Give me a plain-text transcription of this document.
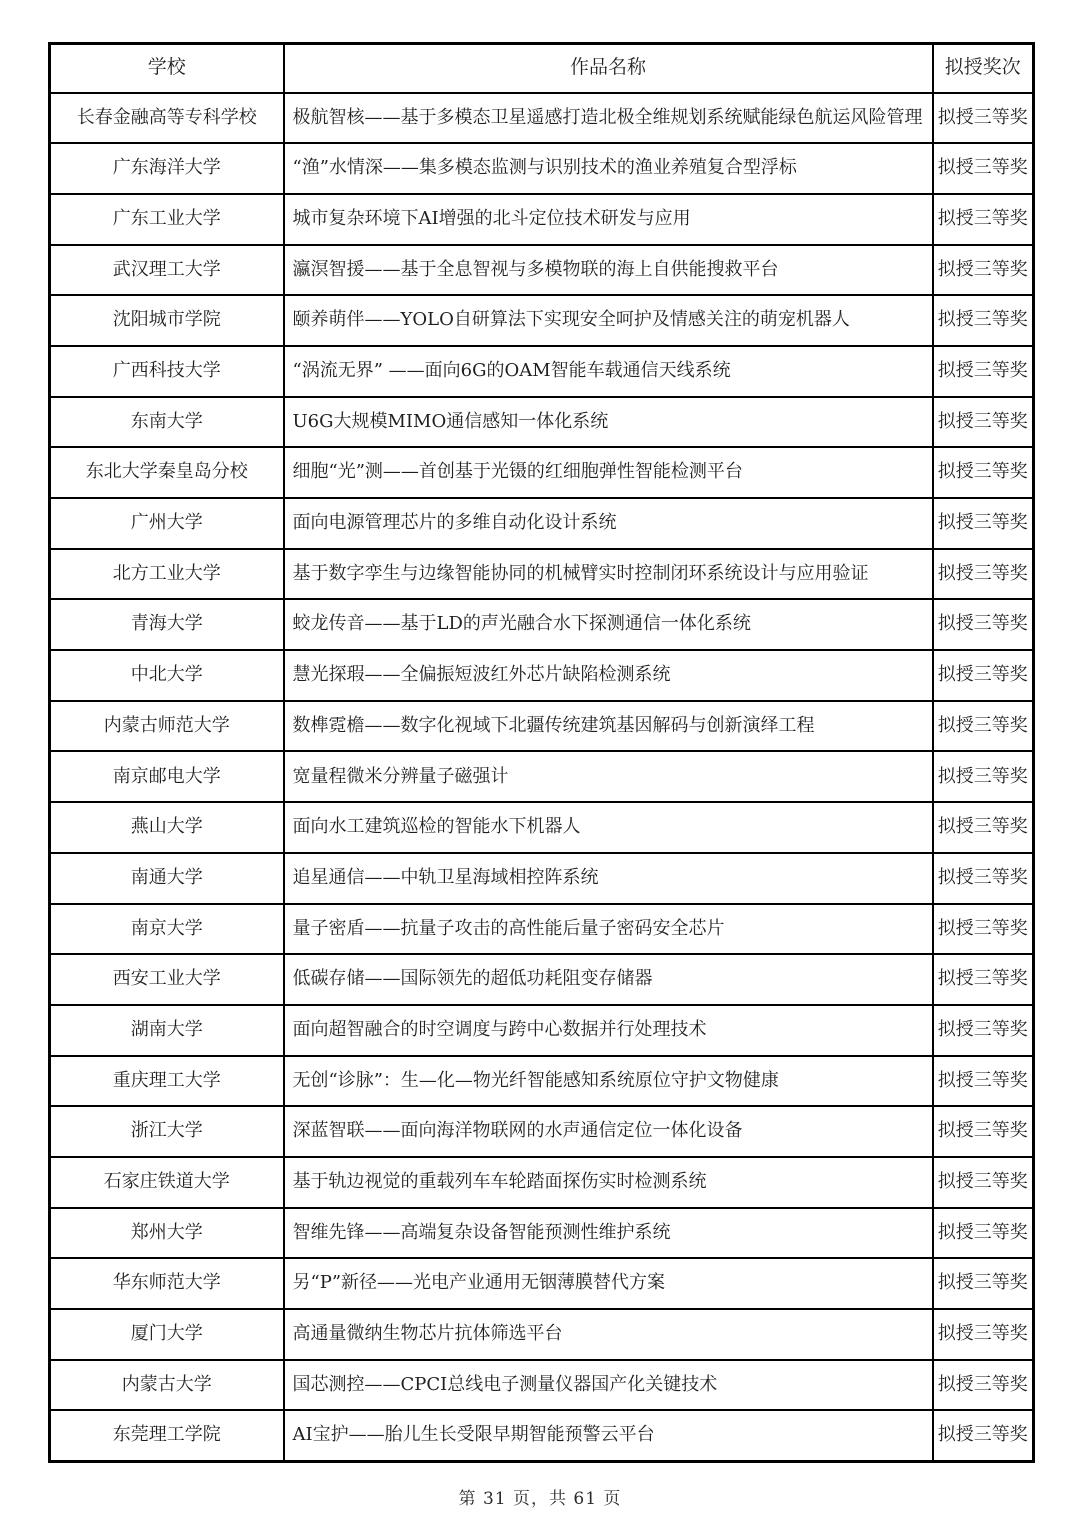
学校	作品名称	拟授奖次
长春金融高等专科学校	极航智核——基于多模态卫星遥感打造北极全维规划系统赋能绿色航运风险管理	拟授三等奖
广东海洋大学	“渔”水情深——集多模态监测与识别技术的渔业养殖复合型浮标	拟授三等奖
广东工业大学	城市复杂环境下AI增强的北斗定位技术研发与应用	拟授三等奖
武汉理工大学	瀛溟智援——基于全息智视与多模物联的海上自供能搜救平台	拟授三等奖
沈阳城市学院	颐养萌伴——YOLO自研算法下实现安全呵护及情感关注的萌宠机器人	拟授三等奖
广西科技大学	“涡流无界” ——面向6G的OAM智能车载通信天线系统	拟授三等奖
东南大学	U6G大规模MIMO通信感知一体化系统	拟授三等奖
东北大学秦皇岛分校	细胞“光”测——首创基于光镊的红细胞弹性智能检测平台	拟授三等奖
广州大学	面向电源管理芯片的多维自动化设计系统	拟授三等奖
北方工业大学	基于数字孪生与边缘智能协同的机械臂实时控制闭环系统设计与应用验证	拟授三等奖
青海大学	蛟龙传音——基于LD的声光融合水下探测通信一体化系统	拟授三等奖
中北大学	慧光探瑕——全偏振短波红外芯片缺陷检测系统	拟授三等奖
内蒙古师范大学	数榫霓檐——数字化视域下北疆传统建筑基因解码与创新演绎工程	拟授三等奖
南京邮电大学	宽量程微米分辨量子磁强计	拟授三等奖
燕山大学	面向水工建筑巡检的智能水下机器人	拟授三等奖
南通大学	追星通信——中轨卫星海域相控阵系统	拟授三等奖
南京大学	量子密盾——抗量子攻击的高性能后量子密码安全芯片	拟授三等奖
西安工业大学	低碳存储——国际领先的超低功耗阻变存储器	拟授三等奖
湖南大学	面向超智融合的时空调度与跨中心数据并行处理技术	拟授三等奖
重庆理工大学	无创“诊脉”：生—化—物光纤智能感知系统原位守护文物健康	拟授三等奖
浙江大学	深蓝智联——面向海洋物联网的水声通信定位一体化设备	拟授三等奖
石家庄铁道大学	基于轨边视觉的重载列车车轮踏面探伤实时检测系统	拟授三等奖
郑州大学	智维先锋——高端复杂设备智能预测性维护系统	拟授三等奖
华东师范大学	另“P”新径——光电产业通用无铟薄膜替代方案	拟授三等奖
厦门大学	高通量微纳生物芯片抗体筛选平台	拟授三等奖
内蒙古大学	国芯测控——CPCI总线电子测量仪器国产化关键技术	拟授三等奖
东莞理工学院	AI宝护——胎儿生长受限早期智能预警云平台	拟授三等奖
第 31 页，共 61 页
